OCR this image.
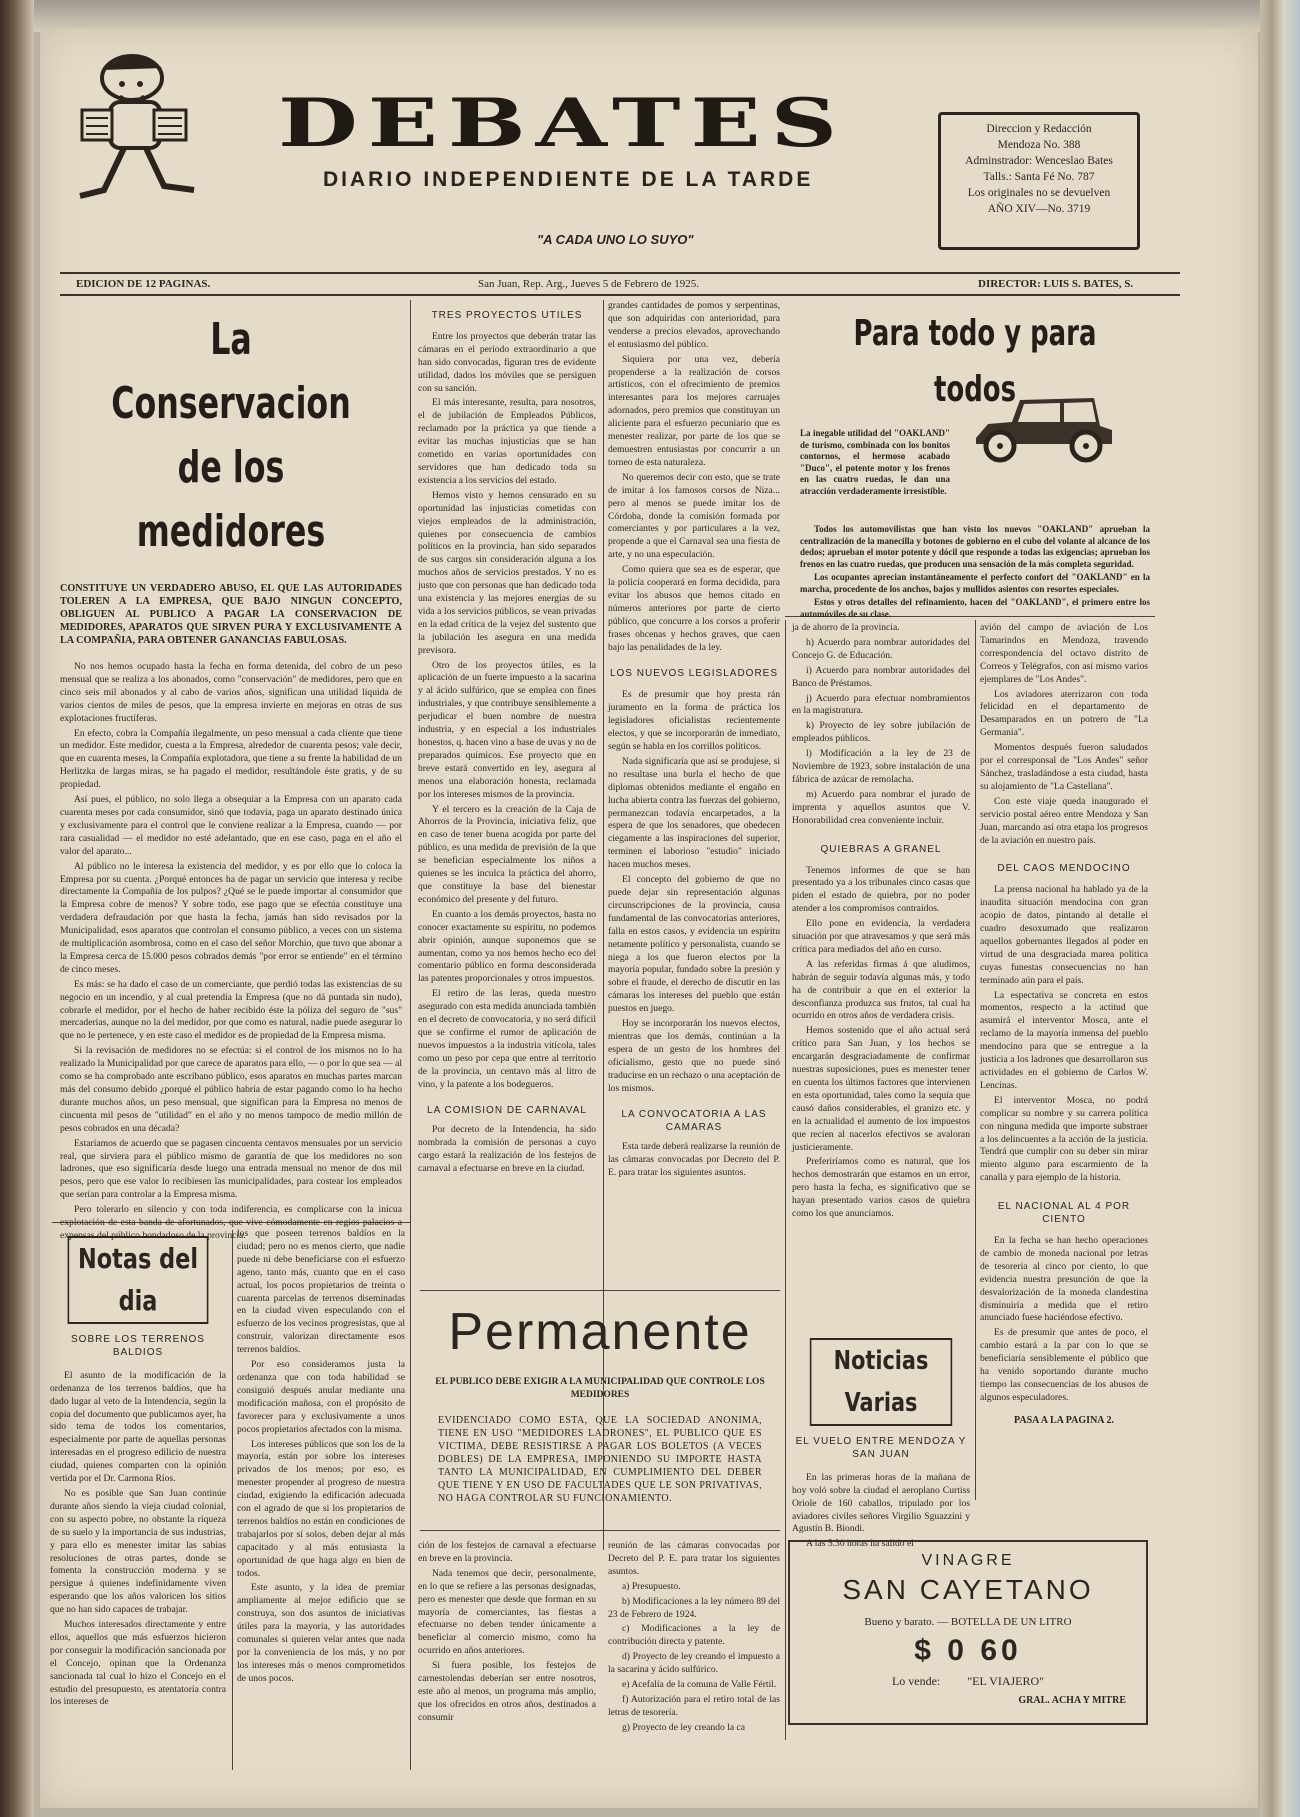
DEBATES
DIARIO INDEPENDIENTE DE LA TARDE
"A CADA UNO LO SUYO"
Direccion y Redacción
Mendoza No. 388
Adminstrador: Wenceslao Bates
Talls.: Santa Fé No. 787
Los originales no se devuelven
AÑO XIV—No. 3719
EDICION DE 12 PAGINAS.	San Juan, Rep. Arg., Jueves 5 de Febrero de 1925.	DIRECTOR: LUIS S. BATES, S.
La Conservacion de los medidores
CONSTITUYE UN VERDADERO ABUSO, EL QUE LAS AUTORIDADES TOLEREN A LA EMPRESA, QUE BAJO NINGUN CONCEPTO, OBLIGUEN AL PUBLICO A PAGAR LA CONSERVACION DE MEDIDORES, APARATOS QUE SIRVEN PURA Y EXCLUSIVAMENTE A LA COMPAÑIA, PARA OBTENER GANANCIAS FABULOSAS.

No nos hemos ocupado hasta la fecha en forma detenida, del cobro de un peso mensual que se realiza a los abonados, como "conservación" de medidores, pero que en cinco seis mil abonados y al cabo de varios años, significan una utilidad líquida de varios cientos de miles de pesos, que la empresa invierte en mejoras en otras de sus explotaciones fructíferas.

En efecto, cobra la Compañía ilegalmente, un peso mensual a cada cliente que tiene un medidor. Este medidor, cuesta a la Empresa, alrededor de cuarenta pesos; vale decir, que en cuarenta meses, la Compañía explotadora, que tiene a su frente la habilidad de un Herlitzka de largas miras, se ha pagado el medidor, resultándole éste gratis, y de su propiedad.

Así pues, el público, no solo llega a obsequiar a la Empresa con un aparato cada cuarenta meses por cada consumidor, sinó que todavía, paga un aparato destinado única y exclusivamente para el control que le conviene realizar a la Empresa, cuando — por rara casualidad — el medidor no esté adelantado, que en ese caso, paga en el año el valor del aparato...

Al público no le interesa la existencia del medidor, y es por ello que lo coloca la Empresa por su cuenta. ¿Porqué entonces ha de pagar un servicio que interesa y recibe directamente la Compañía de los pulpos? ¿Qué se le puede importar al consumidor que la Empresa cobre de menos? Y sobre todo, ese pago que se efectúa constituye una verdadera defraudación por que hasta la fecha, jamás han sido revisados por la Municipalidad, esos aparatos que controlan el consumo público, a veces con un sistema de multiplicación asombrosa, como en el caso del señor Morchio, que tuvo que abonar a la Empresa cerca de 15.000 pesos cobrados demás "por error se entiende" en el término de cinco meses.

Es más: se ha dado el caso de un comerciante, que perdió todas las existencias de su negocio en un incendio, y al cual pretendía la Empresa (que no dá puntada sin nudo), cobrarle el medidor, por el hecho de haber recibido éste la póliza del seguro de "sus" mercaderias, aunque no la del medidor, por que como es natural, nadie puede asegurar lo que no le pertenece, y en este caso el medidor es de propiedad de la Empresa misma.

Si la revisación de medidores no se efectúa: si el control de los mismos no lo ha realizado la Municipalidad por que carece de aparatos para ello, — o por lo que sea — al como se ha comprobado ante escribano público, esos aparatos en muchas partes marcan más del consumo debido ¿porqué el público habría de estar pagando como lo ha hecho durante muchos años, un peso mensual, que significan para la Empresa no menos de cincuenta mil pesos de "utilidad" en el año y no menos tampoco de medio millón de pesos cobrados en una década?

Estaríamos de acuerdo que se pagasen cincuenta centavos mensuales por un servicio real, que sirviera para el público mismo de garantía de que los medidores no son ladrones, que eso significaría desde luego una entrada mensual no menor de dos mil pesos, pero que ese valor lo recibiesen las municipalidades, para costear los empleados que serían para controlar a la Empresa misma.

Pero tolerarlo en silencio y con toda indiferencia, es complicarse con la inicua explotación de esta banda de afortunados, que vive cómodamente en regios palacios a expensas del público bondadoso de la provincia.

TRES PROYECTOS UTILES

Entre los proyectos que deberán tratar las cámaras en el período extraordinario a que han sido convocadas, figuran tres de evidente utilidad, dados los móviles que se persiguen con su sanción.

El más interesante, resulta, para nosotros, el de jubilación de Empleados Públicos, reclamado por la práctica ya que tiende a evitar las muchas injusticias que se han cometido en varias oportunidades con servidores que han dedicado toda su existencia a los servicios del estado.

Hemos visto y hemos censurado en su oportunidad las injusticias cometidas con viejos empleados de la administración, quienes por consecuencia de cambios políticos en la provincia, han sido separados de sus cargos sin consideración alguna a los muchos años de servicios prestados. Y no es justo que con personas que han dedicado toda una existencia y las mejores energías de su vida a los servicios públicos, se vean privadas en la edad crítica de la vejez del sustento que la jubilación les asegura en una medida previsora.

Otro de los proyectos útiles, es la aplicación de un fuerte impuesto a la sacarina y al ácido sulfúrico, que se emplea con fines industriales, y que contribuye sensiblemente a perjudicar el buen nombre de nuestra industria, y en especial a los industriales honestos, q. hacen vino a base de uvas y no de preparados químicos. Ese proyecto que en breve estará convertido en ley, asegura al menos una elaboración honesta, reclamada por los intereses mismos de la provincia.

Y el tercero es la creación de la Caja de Ahorros de la Provincia, iniciativa feliz, que en caso de tener buena acogida por parte del público, es una medida de previsión de la que se benefician especialmente los niños a quienes se les inculca la práctica del ahorro, que constituye la base del bienestar económico del presente y del futuro.

En cuanto a los demás proyectos, hasta no conocer exactamente su espíritu, no podemos abrir opinión, aunque suponemos que se aumentan, como ya nos hemos hecho eco del comentario público en forma desconsiderada las patentes proporcionales y otros impuestos.

El retiro de las leras, queda nuestro asegurado con esta medida anunciada también en el decreto de convocatoria, y no será difícil que se confirme el rumor de aplicación de nuevos impuestos a la industria vitícola, tales como un peso por cepa que entre al territorio de la provincia, un centavo más al litro de vino, y la patente a los bodegueros.

LA COMISION DE CARNAVAL

Por decreto de la Intendencia, ha sido nombrada la comisión de personas a cuyo cargo estará la realización de los festejos de carnaval a efectuarse en breve en la ciudad.

grandes cantidades de pomos y serpentinas, que son adquiridas con anterioridad, para venderse a precios elevados, aprovechando el entusiasmo del público.

Siquiera por una vez, debería propenderse a la realización de corsos artísticos, con el ofrecimiento de premios interesantes para los mejores carruajes adornados, pero premios que constituyan un aliciente para el esfuerzo pecuniario que es menester realizar, por parte de los que se demuestren entusiastas por concurrir a un torneo de esta naturaleza.

No queremos decir con esto, que se trate de imitar á los famosos corsos de Niza... pero al menos se puede imitar los de Córdoba, donde la comisión formada por comerciantes y por particulares a la vez, propende a que el Carnaval sea una fiesta de arte, y no una especulación.

Como quiera que sea es de esperar, que la policía cooperará en forma decidida, para evitar los abusos que hemos citado en números anteriores por parte de cierto público, que concurre a los corsos a proferir frases obcenas y hechos graves, que caen bajo las penalidades de la ley.

LOS NUEVOS LEGISLADORES

Es de presumir que hoy presta rán juramento en la forma de práctica los legisladores oficialistas recientemente electos, y que se incorporarán de inmediato, según se habla en los corrillos políticos.

Nada significaría que así se produjese, si no resultase una burla el hecho de que diplomas obtenidos mediante el engaño en lucha abierta contra las fuerzas del gobierno, permanezcan todavía encarpetados, a la espera de que los senadores, que obedecen ciegamente a las inspiraciones del superior, terminen el laborioso "estudio" iniciado hacen muchos meses.

El concepto del gobierno de que no puede dejar sin representación algunas circunscripciones de la provincia, causa fundamental de las convocatorias anteriores, falla en estos casos, y evidencia un espíritu netamente político y personalista, cuando se niega a los que fueron electos por la mayoría popular, fundado sobre la presión y sobre el fraude, el derecho de discutir en las cámaras los intereses del pueblo que están puestos en juego.

Hoy se incorporarán los nuevos electos, mientras que los demás, continúan a la espera de un gesto de los hombres del oficialismo, gesto que no puede sinó traducirse en un rechazo o una aceptación de los mismos.

LA CONVOCATORIA A LAS CAMARAS

Esta tarde deberá realizarse la reunión de las cámaras convocadas por Decreto del P. E. para tratar los siguientes asuntos.

Para todo y para todos
La inegable utilidad del "OAKLAND" de turismo, combinada con los bonitos contornos, el hermoso acabado "Duco", el potente motor y los frenos en las cuatro ruedas, le dan una atracción verdaderamente irresistible.

Todos los automovilistas que han visto los nuevos "OAKLAND" aprueban la centralización de la manecilla y botones de gobierno en el cubo del volante al alcance de los dedos; aprueban el motor potente y dócil que responde a todas las exigencias; aprueban los frenos en las cuatro ruedas, que producen una sensación de la más completa seguridad.

Los ocupantes aprecian instantáneamente el perfecto confort del "OAKLAND" en la marcha, procedente de los anchos, bajos y mullidos asientos con resortes especiales.

Estos y otros detalles del refinamiento, hacen del "OAKLAND", el primero entre los automóviles de su clase.

ja de ahorro de la provincia.

h) Acuerdo para nombrar autoridades del Concejo G. de Educación.

i) Acuerdo para nombrar autoridades del Banco de Préstamos.

j) Acuerdo para efectuar nombramientos en la magistratura.

k) Proyecto de ley sobre jubilación de empleados públicos.

l) Modificación a la ley de 23 de Noviembre de 1923, sobre instalación de una fábrica de azúcar de remolacha.

m) Acuerdo para nombrar el jurado de imprenta y aquellos asuntos que V. Honorabilidad crea conveniente incluir.

QUIEBRAS A GRANEL

Tenemos informes de que se han presentado ya a los tribunales cinco casas que piden el estado de quiebra, por no poder atender a los compromisos contraídos.

Ello pone en evidencia, la verdadera situación por que atravesamos y que será más crítica para mediados del año en curso.

A las referidas firmas á que aludimos, habrán de seguir todavía algunas más, y todo ha de contribuir a que en el exterior la desconfianza produzca sus frutos, tal cual ha ocurrido en otros años de verdadera crisis.

Hemos sostenido que el año actual será crítico para San Juan, y los hechos se encargarán desgraciadamente de confirmar nuestras suposiciones, pues es menester tener en cuenta los últimos factores que intervienen en esta oportunidad, tales como la sequía que causó daños considerables, el granizo etc. y en la actualidad el aumento de los impuestos que recien al nacerlos efectivos se avaloran justicieramente.

Preferiríamos como es natural, que los hechos demostrarán que estamos en un error, pero hasta la fecha, es significativo que se hayan presentado varios casos de quiebra como los que anunciamos.

avión del campo de aviación de Los Tamarindos en Mendoza, travendo correspondencia del octavo distrito de Correos y Telégrafos, con así mismo varios ejemplares de "Los Andes".

Los aviadores aterrizaron con toda felicidad en el departamento de Desamparados en un potrero de "La Germania".

Momentos después fueron saludados por el corresponsal de "Los Andes" señor Sánchez, trasladándose a esta ciudad, hasta su alojamiento de "La Castellana".

Con este viaje queda inaugurado el servicio postal aéreo entre Mendoza y San Juan, marcando así otra etapa los progresos de la aviación en nuestro país.

DEL CAOS MENDOCINO

La prensa nacional ha hablado ya de la inaudita situación mendocina con gran acopio de datos, pintando al detalle el cuadro desoxumado que realizaron aquellos gobernantes llegados al poder en virtud de una desgraciada marea política cuyas funestas consecuencias no han terminado aún para el país.

La espectativa se concreta en estos momentos, respecto a la actitud que asumirá el interventor Mosca, ante el reclamo de la mayoría inmensa del pueblo mendocino para que se entregue a la justicia a los ladrones que desarrollaron sus actividades en el gobierno de Carlos W. Lencinas.

El interventor Mosca, no podrá complicar su nombre y su carrera política con ninguna medida que importe substraer a los delincuentes a la acción de la justicia. Tendrá que cumplir con su deber sin mirar miento alguno para escarmiento de la canalla y para ejemplo de la historia.

EL NACIONAL AL 4 POR CIENTO

En la fecha se han hecho operaciones de cambio de moneda nacional por letras de tesorería al cinco por ciento, lo que evidencia nuestra presunción de que la desvalorización de la moneda clandestina disminuiría a medida que el retiro anunciado fuese haciéndose efectivo.

Es de presumir que antes de poco, el cambio estará a la par con lo que se beneficiaría sensiblemente el público que ha venido soportando durante mucho tiempo las consecuencias de los abusos de algunos especuladores.

PASA A LA PAGINA 2.
Notas del dia
SOBRE LOS TERRENOS BALDIOS

El asunto de la modificación de la ordenanza de los terrenos baldíos, que ha dado lugar al veto de la Intendencia, según la copia del documento que publicamos ayer, ha sido tema de todos los comentarios, especialmente por parte de aquellas personas interesadas en el progreso edilicio de nuestra ciudad, quienes comparten con la opinión vertida por el Dr. Carmona Ríos.

No es posible que San Juan continúe durante años siendo la vieja ciudad colonial, con su aspecto pobre, no obstante la riqueza de su suelo y la importancia de sus industrias, y para ello es menester imitar las sabias resoluciones de otras partes, donde se fomenta la construcción moderna y se persigue á quienes indefinidamente viven esperando que los años valoricen los sitios que no han sido capaces de trabajar.

Muchos interesados directamente y entre ellos, aquellos que más esfuerzos hicieron por conseguir la modificación sancionada por el Concejo, opinan que la Ordenanza sancionada tal cual lo hizo el Concejo en el estudio del presupuesto, es atentatoria contra los intereses de

los que poseen terrenos baldíos en la ciudad; pero no es menos cierto, que nadie puede ni debe beneficiarse con el esfuerzo ageno, tanto más, cuanto que en el caso actual, los pocos propietarios de treinta o cuarenta parcelas de terrenos diseminadas en la ciudad viven especulando con el esfuerzo de los vecinos progresistas, que al construir, valorizan directamente esos terrenos baldíos.

Por eso consideramos justa la ordenanza que con toda habilidad se consiguió después anular mediante una modificación mañosa, con el propósito de favorecer para y exclusivamente a unos pocos propietarios afectados con la misma.

Los intereses públicos que son los de la mayoría, están por sobre los intereses privados de los menos; por eso, es menester propender al progreso de nuestra ciudad, exigiendo la edificación adecuada con el agrado de que si los propietarios de terrenos baldíos no están en condiciones de trabajarlos por sí solos, deben dejar al más capacitado y al más entusiasta la oportunidad de que haga algo en bien de todos.

Este asunto, y la idea de premiar ampliamente al mejor edificio que se construya, son dos asuntos de iniciativas útiles para la mayoría, y las autoridades comunales si quieren velar antes que nada por la conveniencia de los más, y no por los intereses más o menos comprometidos de unos pocos.

Permanente
EL PUBLICO DEBE EXIGIR A LA MUNICIPALIDAD QUE CONTROLE LOS MEDIDORES
EVIDENCIADO COMO ESTA, QUE LA SOCIEDAD ANONIMA, TIENE EN USO "MEDIDORES LADRONES", EL PUBLICO QUE ES VICTIMA, DEBE RESISTIRSE A PAGAR LOS BOLETOS (A VECES DOBLES) DE LA EMPRESA, IMPONIENDO SU IMPORTE HASTA TANTO LA MUNICIPALIDAD, EN CUMPLIMIENTO DEL DEBER QUE TIENE Y EN USO DE FACULTADES QUE LE SON PRIVATIVAS, NO HAGA CONTROLAR SU FUNCIONAMIENTO.

ción de los festejos de carnaval a efectuarse en breve en la provincia.

Nada tenemos que decir, personalmente, en lo que se refiere a las personas designadas, pero es menester que desde que forman en su mayoría de comerciantes, las fiestas a efectuarse no deben tender únicamente a beneficiar al comercio mismo, como ha ocurrido en años anteriores.

Si fuera posible, los festejos de carnestolendas deberían ser entre nosotros, este año al menos, un programa más amplio, que los ofrecidos en otros años, destinados a consumir

reunión de las cámaras convocadas por Decreto del P. E. para tratar los siguientes asuntos.

a) Presupuesto.

b) Modificaciones a la ley número 89 del 23 de Febrero de 1924.

c) Modificaciones a la ley de contribución directa y patente.

d) Proyecto de ley creando el impuesto a la sacarina y ácido sulfúrico.

e) Acefalía de la comuna de Valle Fértil.

f) Autorización para el retiro total de las letras de tesorería.

g) Proyecto de ley creando la ca

Noticias Varias
EL VUELO ENTRE MENDOZA Y SAN JUAN

En las primeras horas de la mañana de hoy voló sobre la ciudad el aeroplano Curtiss Oriole de 160 caballos, tripulado por los aviadores civiles señores Virgilio Sguazzini y Agustín B. Biondi.

A las 5.30 horas ha salido el

VINAGRE
SAN CAYETANO
Bueno y barato. — BOTELLA DE UN LITRO
$ 0 60
Lo vende: "EL VIAJERO"
GRAL. ACHA Y MITRE
